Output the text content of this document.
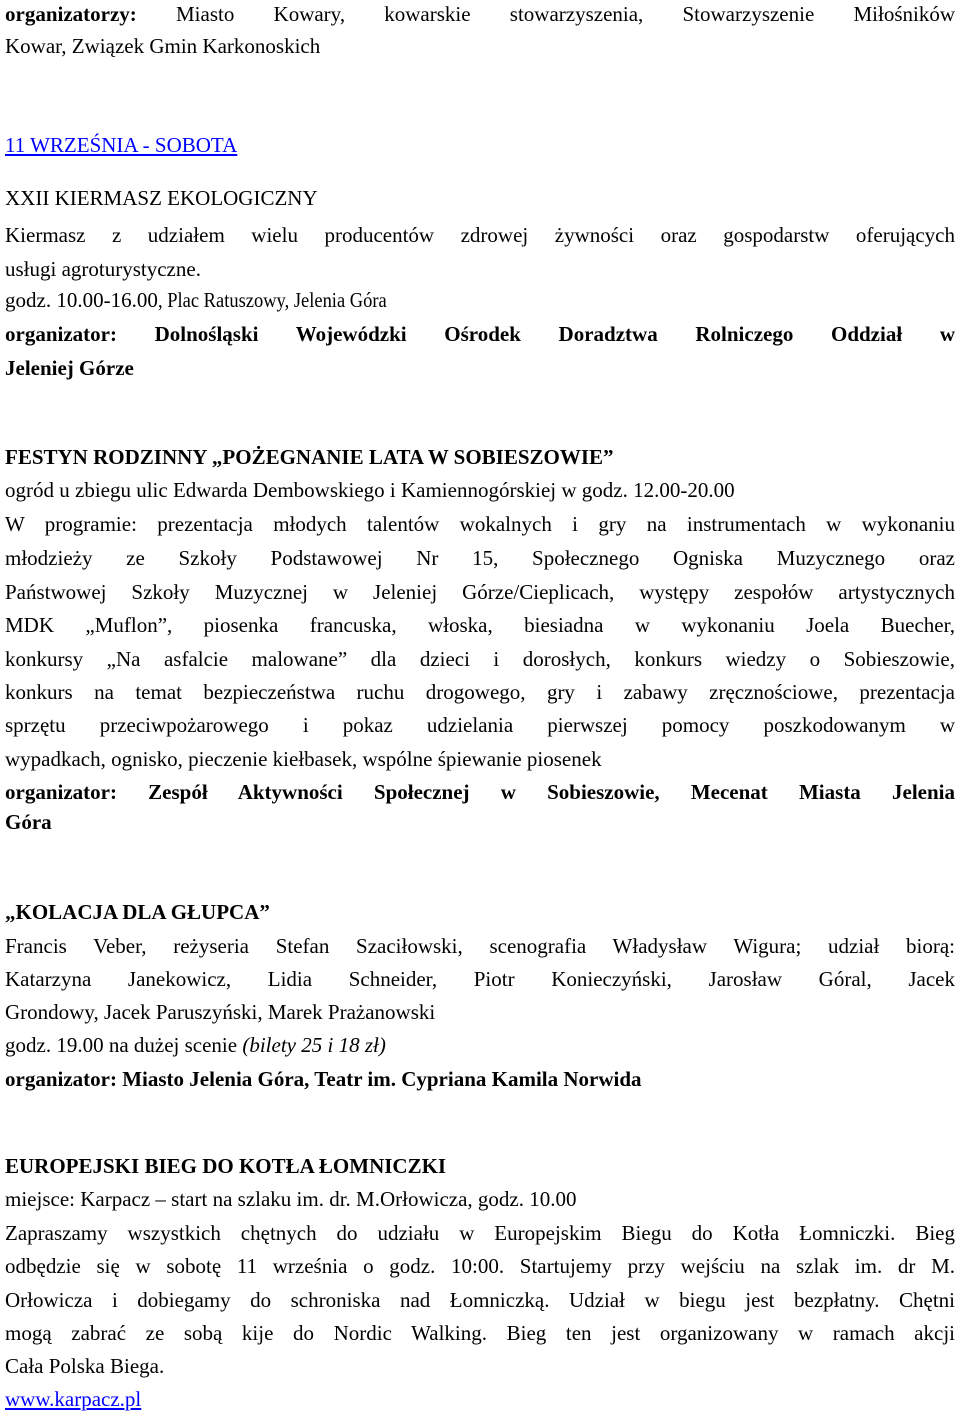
organizatorzy: Miasto Kowary, kowarskie stowarzyszenia, Stowarzyszenie Miłośników
Kowar, Związek Gmin Karkonoskich
11 WRZEŚNIA - SOBOTA
XXII KIERMASZ EKOLOGICZNY
Kiermasz z udziałem wielu producentów zdrowej żywności oraz gospodarstw oferujących
usługi agroturystyczne.
godz. 10.00-16.00, Plac Ratuszowy, Jelenia Góra
organizator: Dolnośląski Wojewódzki Ośrodek Doradztwa Rolniczego Oddział w
Jeleniej Górze
FESTYN RODZINNY „POŻEGNANIE LATA W SOBIESZOWIE”
ogród u zbiegu ulic Edwarda Dembowskiego i Kamiennogórskiej w godz. 12.00-20.00
W programie: prezentacja młodych talentów wokalnych i gry na instrumentach w wykonaniu
młodzieży ze Szkoły Podstawowej Nr 15, Społecznego Ogniska Muzycznego oraz
Państwowej Szkoły Muzycznej w Jeleniej Górze/Cieplicach, występy zespołów artystycznych
MDK „Muflon”, piosenka francuska, włoska, biesiadna w wykonaniu Joela Buecher,
konkursy „Na asfalcie malowane” dla dzieci i dorosłych, konkurs wiedzy o Sobieszowie,
konkurs na temat bezpieczeństwa ruchu drogowego, gry i zabawy zręcznościowe, prezentacja
sprzętu przeciwpożarowego i pokaz udzielania pierwszej pomocy poszkodowanym w
wypadkach, ognisko, pieczenie kiełbasek, wspólne śpiewanie piosenek
organizator: Zespół Aktywności Społecznej w Sobieszowie, Mecenat Miasta Jelenia
Góra
„KOLACJA DLA GŁUPCA”
Francis Veber, reżyseria Stefan Szaciłowski, scenografia Władysław Wigura; udział biorą:
Katarzyna Janekowicz, Lidia Schneider, Piotr Konieczyński, Jarosław Góral, Jacek
Grondowy, Jacek Paruszyński, Marek Prażanowski
godz. 19.00 na dużej scenie (bilety 25 i 18 zł)
organizator: Miasto Jelenia Góra, Teatr im. Cypriana Kamila Norwida
EUROPEJSKI BIEG DO KOTŁA ŁOMNICZKI
miejsce: Karpacz – start na szlaku im. dr. M.Orłowicza, godz. 10.00
Zapraszamy wszystkich chętnych do udziału w Europejskim Biegu do Kotła Łomniczki. Bieg
odbędzie się w sobotę 11 września o godz. 10:00. Startujemy przy wejściu na szlak im. dr M.
Orłowicza i dobiegamy do schroniska nad Łomniczką. Udział w biegu jest bezpłatny. Chętni
mogą zabrać ze sobą kije do Nordic Walking. Bieg ten jest organizowany w ramach akcji
Cała Polska Biega.
www.karpacz.pl
